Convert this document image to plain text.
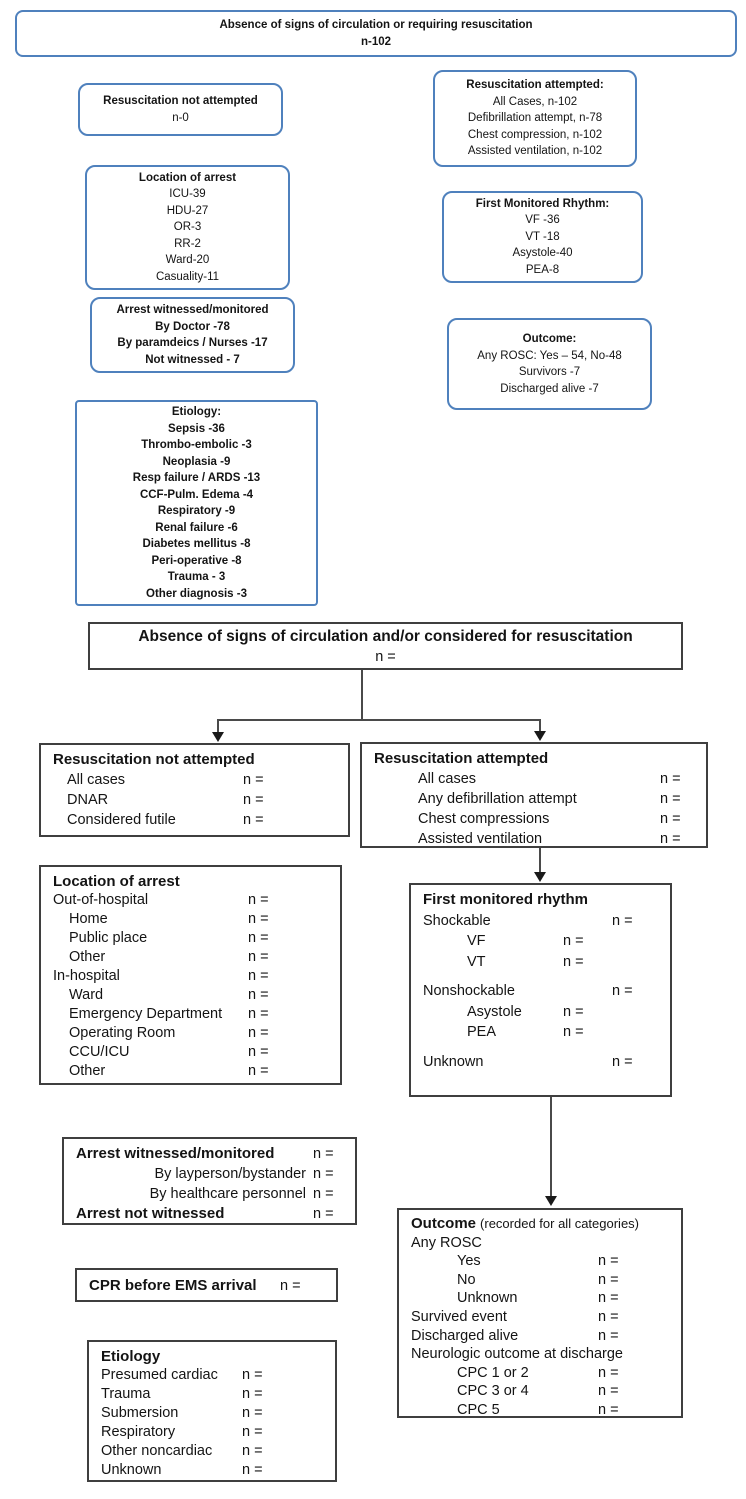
Absence of signs of circulation or requiring resuscitation
n-102
Resuscitation not attempted
n-0
Resuscitation attempted:
All Cases, n-102
Defibrillation attempt, n-78
Chest compression, n-102
Assisted ventilation, n-102
Location of arrest
ICU-39
HDU-27
OR-3
RR-2
Ward-20
Casuality-11
First Monitored Rhythm:
VF -36
VT -18
Asystole-40
PEA-8
Arrest witnessed/monitored
By Doctor -78
By paramdeics / Nurses -17
Not witnessed - 7
Outcome:
Any ROSC: Yes – 54, No-48
Survivors -7
Discharged alive -7
Etiology:
Sepsis -36
Thrombo-embolic -3
Neoplasia -9
Resp failure / ARDS -13
CCF-Pulm. Edema -4
Respiratory -9
Renal failure -6
Diabetes mellitus -8
Peri-operative -8
Trauma - 3
Other diagnosis -3
Absence of signs of circulation and/or considered for resuscitation
n =
Resuscitation not attempted
All cases	n =
DNAR	n =
Considered futile	n =
Resuscitation attempted
All cases	n =
Any defibrillation attempt	n =
Chest compressions	n =
Assisted ventilation	n =
Location of arrest
Out-of-hospital	n =
Home	n =
Public place	n =
Other	n =
In-hospital	n =
Ward	n =
Emergency Department n =
Operating Room	n =
CCU/ICU	n =
Other	n =
First monitored rhythm
Shockable	n =
VF	n =
VT	n =
Nonshockable	n =
Asystole	n =
PEA	n =
Unknown	n =
Arrest witnessed/monitored	n =
By layperson/bystander n =
By healthcare personnel n =
Arrest not witnessed	n =
CPR before EMS arrival n =
Etiology
Presumed cardiac n =
Trauma	n =
Submersion	n =
Respiratory	n =
Other noncardiac n =
Unknown	n =
Outcome (recorded for all categories)
Any ROSC
Yes	n =
No	n =
Unknown	n =
Survived event	n =
Discharged alive	n =
Neurologic outcome at discharge
CPC 1 or 2	n =
CPC 3 or 4	n =
CPC 5	n =
